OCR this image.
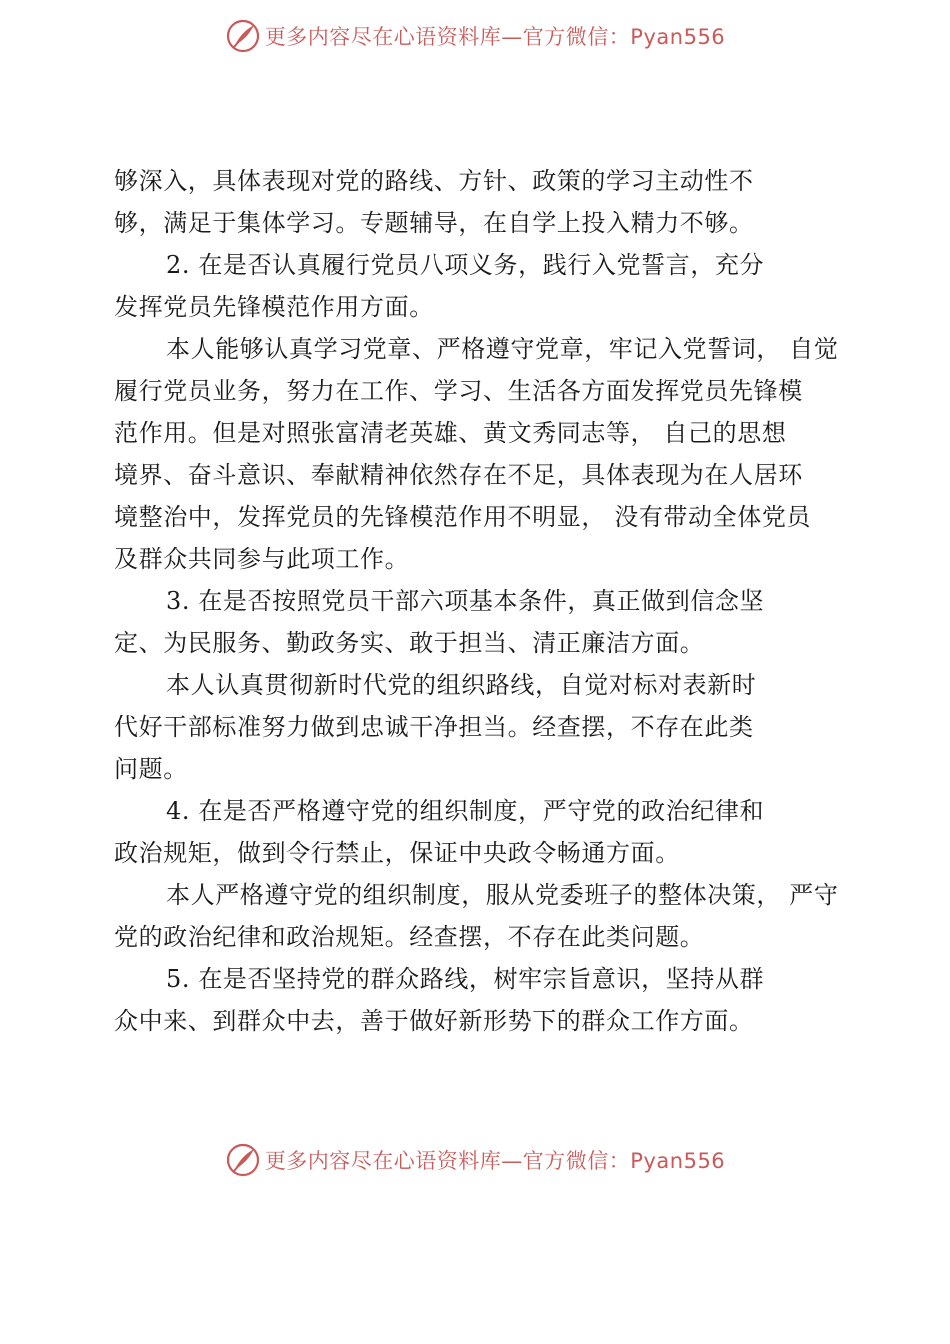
更多内容尽在心语资料库—官方微信：Pyan556
够深入，具体表现对党的路线、方针、政策的学习主动性不
够，满足于集体学习。专题辅导，在自学上投入精力不够。
2. 在是否认真履行党员八项义务，践行入党誓言，充分
发挥党员先锋模范作用方面。
本人能够认真学习党章、严格遵守党章，牢记入党誓词， 自觉
履行党员业务，努力在工作、学习、生活各方面发挥党员先锋模
范作用。但是对照张富清老英雄、黄文秀同志等， 自己的思想
境界、奋斗意识、奉献精神依然存在不足，具体表现为在人居环
境整治中，发挥党员的先锋模范作用不明显， 没有带动全体党员
及群众共同参与此项工作。
3. 在是否按照党员干部六项基本条件，真正做到信念坚
定、为民服务、勤政务实、敢于担当、清正廉洁方面。
本人认真贯彻新时代党的组织路线，自觉对标对表新时
代好干部标准努力做到忠诚干净担当。经查摆，不存在此类
问题。
4. 在是否严格遵守党的组织制度，严守党的政治纪律和
政治规矩，做到令行禁止，保证中央政令畅通方面。
本人严格遵守党的组织制度，服从党委班子的整体决策， 严守
党的政治纪律和政治规矩。经查摆，不存在此类问题。
5. 在是否坚持党的群众路线，树牢宗旨意识，坚持从群
众中来、到群众中去，善于做好新形势下的群众工作方面。
更多内容尽在心语资料库—官方微信：Pyan556
